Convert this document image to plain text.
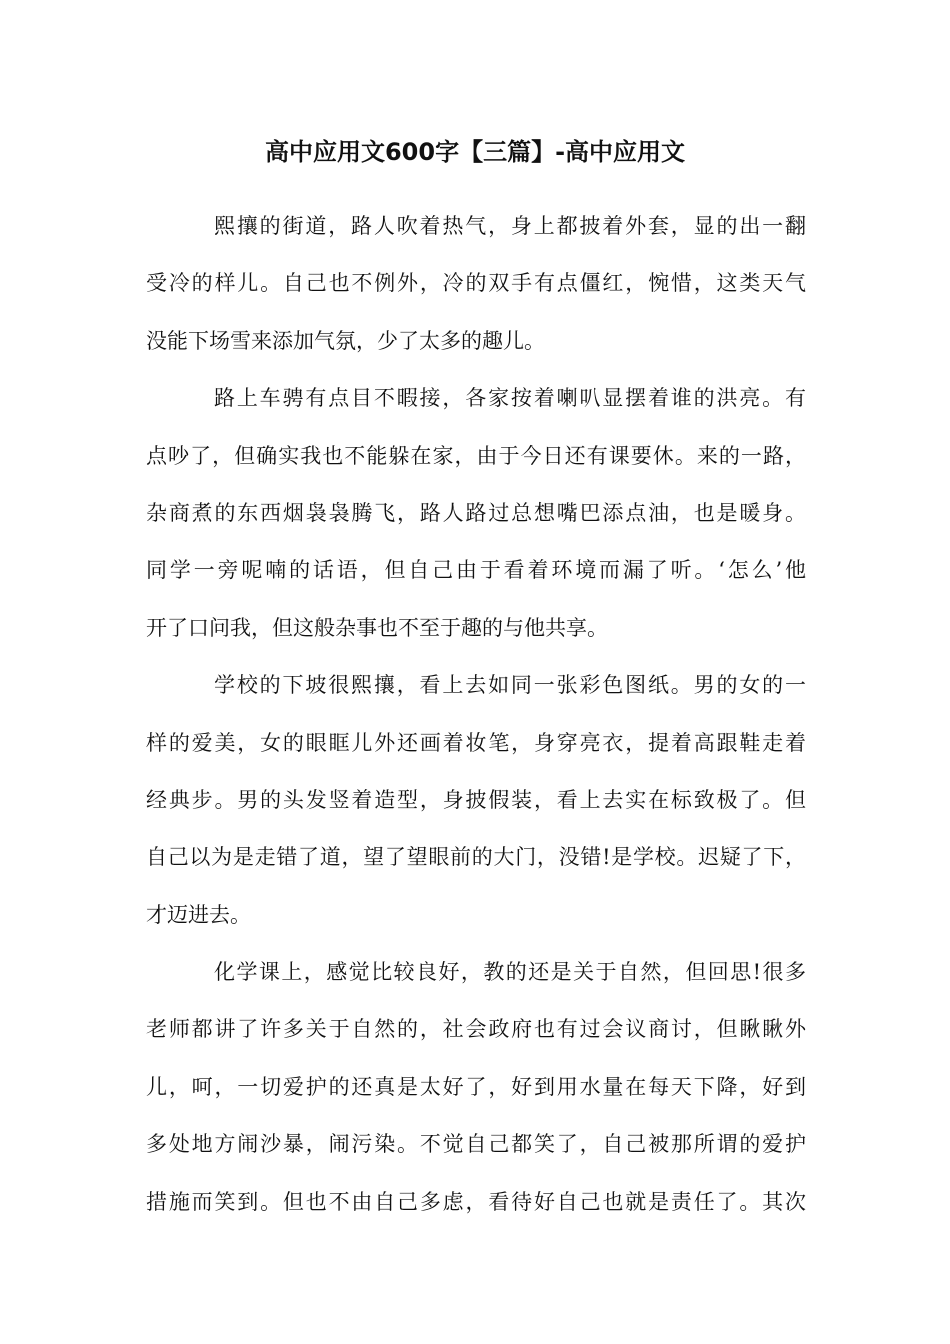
高中应用文600字【三篇】-高中应用文

熙攘的街道，路人吹着热气，身上都披着外套，显的出一翻
受冷的样儿。自己也不例外，冷的双手有点僵红，惋惜，这类天气
没能下场雪来添加气氛，少了太多的趣儿。

路上车骋有点目不暇接，各家按着喇叭显摆着谁的洪亮。有
点吵了，但确实我也不能躲在家，由于今日还有课要休。来的一路，
杂商煮的东西烟袅袅腾飞，路人路过总想嘴巴添点油，也是暖身。
同学一旁呢喃的话语，但自己由于看着环境而漏了听。‘怎么’他
开了口问我，但这般杂事也不至于趣的与他共享。

学校的下坡很熙攘，看上去如同一张彩色图纸。男的女的一
样的爱美，女的眼眶儿外还画着妆笔，身穿亮衣，提着高跟鞋走着
经典步。男的头发竖着造型，身披假装，看上去实在标致极了。但
自己以为是走错了道，望了望眼前的大门，没错!是学校。迟疑了下，
才迈进去。

化学课上，感觉比较良好，教的还是关于自然，但回思!很多
老师都讲了许多关于自然的，社会政府也有过会议商讨，但瞅瞅外
儿，呵，一切爱护的还真是太好了，好到用水量在每天下降，好到
多处地方闹沙暴，闹污染。不觉自己都笑了，自己被那所谓的爱护
措施而笑到。但也不由自己多虑，看待好自己也就是责任了。其次
